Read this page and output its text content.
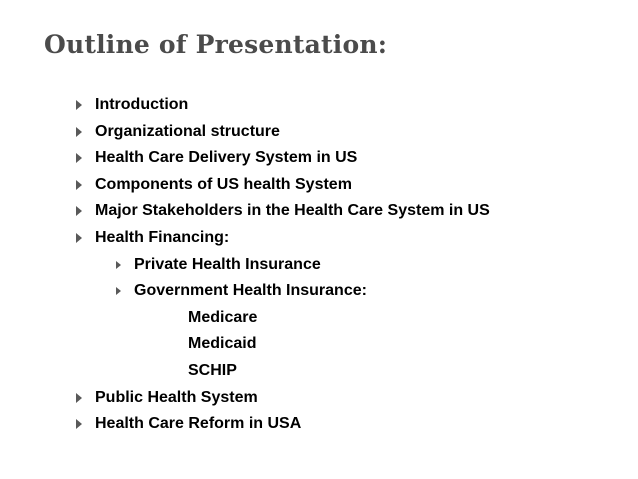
Outline of Presentation:
Introduction
Organizational structure
Health Care Delivery System in US
Components of US health System
Major Stakeholders in the Health Care System in US
Health Financing:
Private Health Insurance
Government Health Insurance:
Medicare
Medicaid
SCHIP
Public Health System
Health Care Reform in USA
